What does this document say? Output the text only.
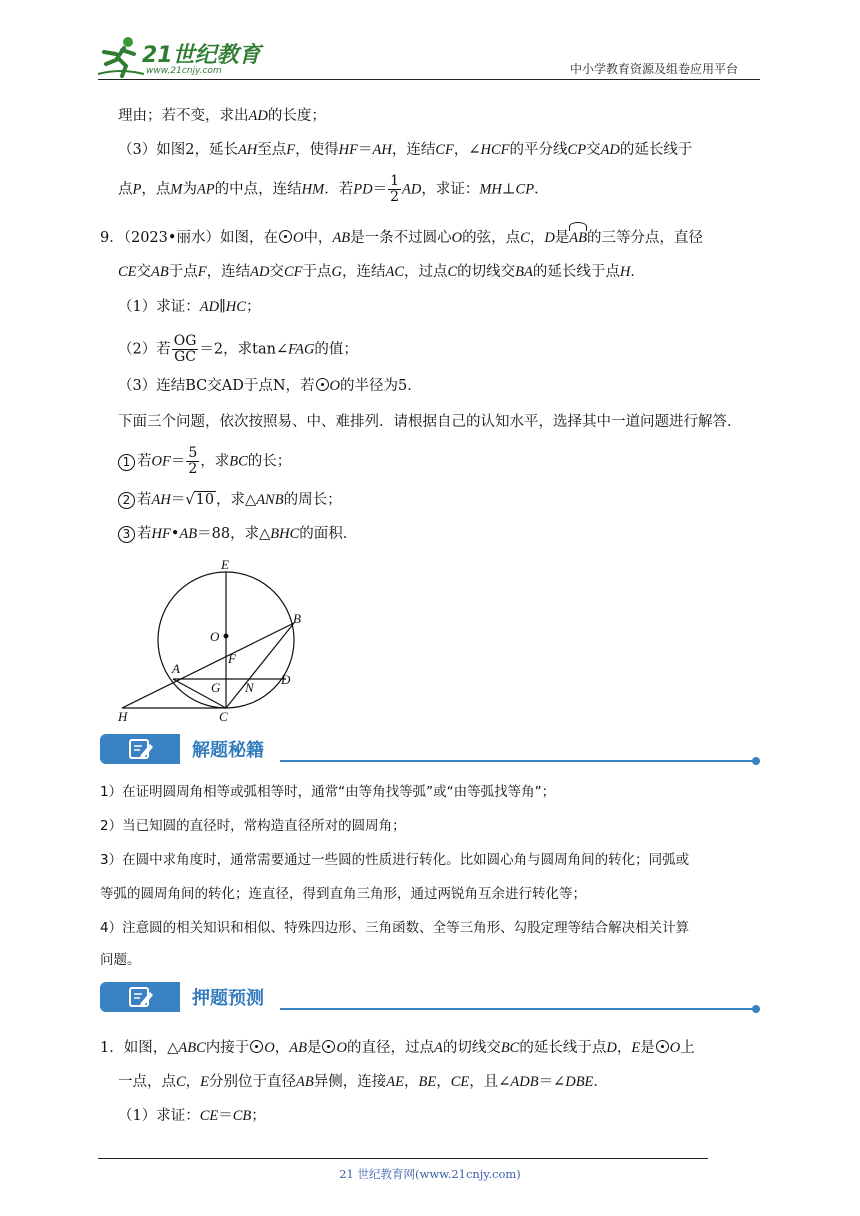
21世纪教育
www.21cnjy.com	中小学教育资源及组卷应用平台
理由；若不变，求出AD的长度；
（3）如图2，延长AH至点F，使得HF＝AH，连结CF，∠HCF的平分线CP交AD的延长线于
点P，点M为AP的中点，连结HM．若$PD= \frac{1}{2}$ AD，求证：MH⊥CP．
9．（2023•丽水）如图，在 O中，AB是一条不过圆心O的弦，点C，D是AB的三等分点，直径
CE交AB于点F，连结AD交CF于点G，连结AC，过点C的切线交BA的延长线于点H．
（1）求证：AD∥HC；
（2）若 $\frac{OG}{GC} =2$，求tan∠FAG的值；
（3）连结BC交AD于点N，若 O的半径为5．
下面三个问题，依次按照易、中、难排列．请根据自己的认知水平，选择其中一道问题进行解答．
1 若$OF= \frac{5}{2}$ ，求BC的长；
2 若AH＝√10 ，求△ANB的周长；
3 若HF•AB＝88，求△BHC的面积．
E
O
B
F
A
G N
D
H	C
解题秘籍
1）在证明圆周角相等或弧相等时，通常“由等角找等弧”或“由等弧找等角”；
2）当已知圆的直径时，常构造直径所对的圆周角；
3）在圆中求角度时，通常需要通过一些圆的性质进行转化。比如圆心角与圆周角间的转化；同弧或
等弧的圆周角间的转化；连直径，得到直角三角形，通过两锐角互余进行转化等；
4）注意圆的相关知识和相似、特殊四边形、三角函数、全等三角形、勾股定理等结合解决相关计算
问题。
押题预测
1．如图，△ABC内接于 O，AB是 O的直径，过点A的切线交BC的延长线于点D，E是 O上
一点，点C，E分别位于直径AB异侧，连接AE，BE，CE，且∠ADB＝∠DBE．
（1）求证：CE＝CB；
21 世纪教育网(www.21cnjy.com)
